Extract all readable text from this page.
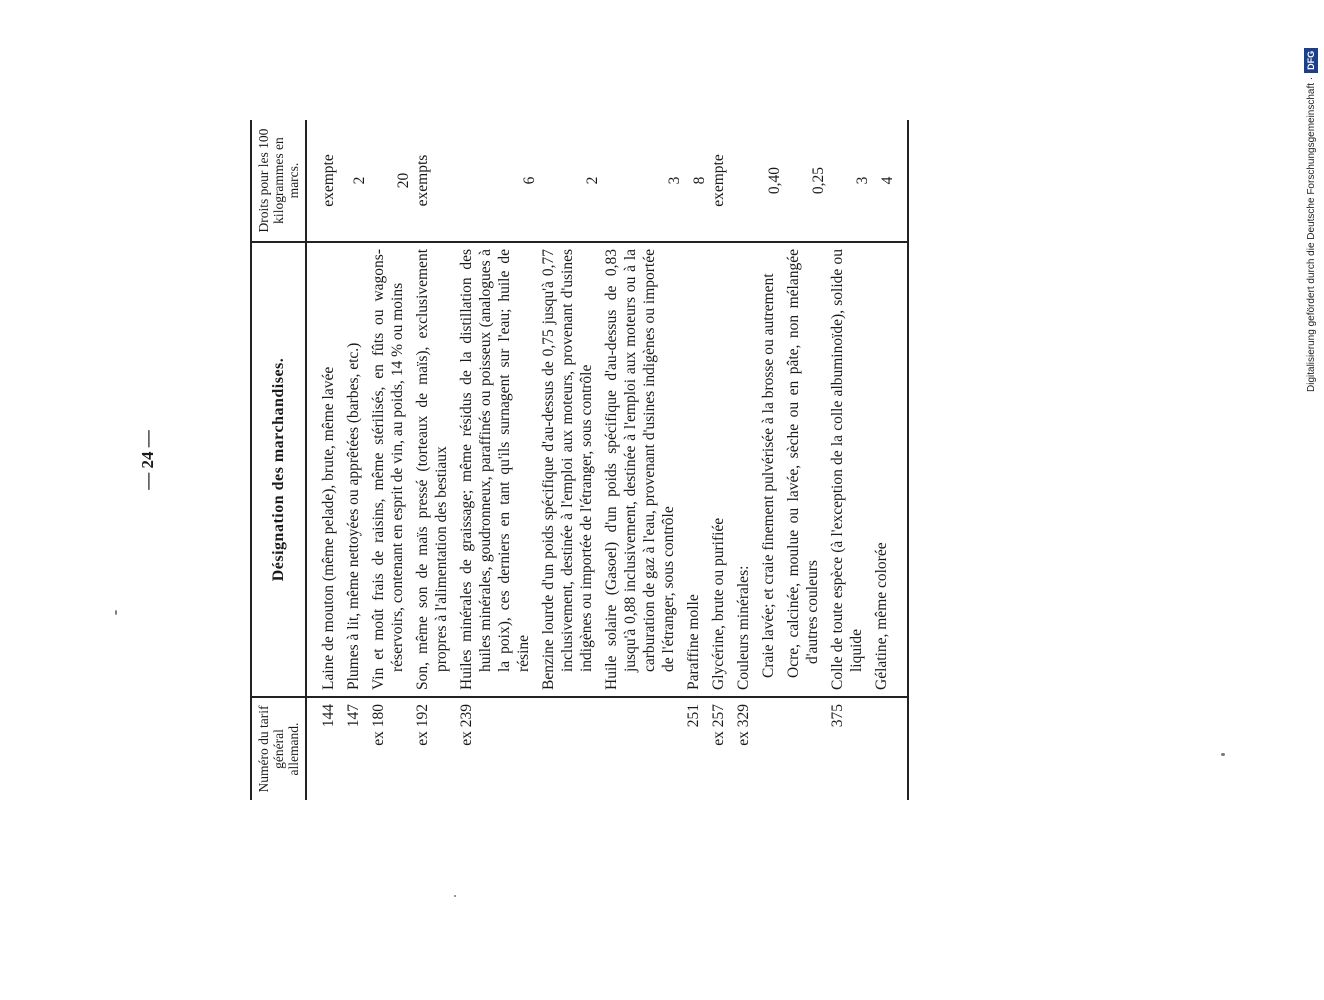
— 24 —
Numéro du tarif général allemand.	Désignation des marchandises.	Droits pour les 100 kilogrammes en marcs.
144	Laine de mouton (même pelade), brute, même lavée	exempte
147	Plumes à lit, même nettoyées ou apprêtées (barbes, etc.)	2
ex 180	Vin et moût frais de raisins, même stérilisés, en fûts ou wagons-réservoirs, contenant en esprit de vin, au poids, 14 % ou moins	20
ex 192	Son, même son de maïs pressé (torteaux de maïs), exclusivement propres à l'alimentation des bestiaux	exempts
ex 239	Huiles minérales de graissage; même résidus de la distillation des huiles minérales, goudronneux, paraffinés ou poisseux (analogues à la poix), ces derniers en tant qu'ils surnagent sur l'eau; huile de résine	6

	Benzine lourde d'un poids spécifique d'au-dessus de 0,75 jusqu'à 0,77 inclusivement, destinée à l'emploi aux moteurs, provenant d'usines indigènes ou importée de l'étranger, sous contrôle	2

	Huile solaire (Gasoel) d'un poids spécifique d'au-dessus de 0,83 jusqu'à 0,88 inclusivement, destinée à l'emploi aux moteurs ou à la carburation de gaz à l'eau, provenant d'usines indigènes ou importée de l'étranger, sous contrôle	3
251	Paraffine molle	8
ex 257	Glycérine, brute ou purifiée	exempte
ex 329	Couleurs minérales:	

	Craie lavée; et craie finement pulvérisée à la brosse ou autrement	0,40

	Ocre, calcinée, moulue ou lavée, sèche ou en pâte, non mélangée d'autres couleurs	0,25
375	Colle de toute espèce (à l'exception de la colle albuminoïde), solide ou liquide	3

	Gélatine, même colorée	4	Digitalisierung gefördert durch die Deutsche Forschungsgemeinschaft ·DFG
